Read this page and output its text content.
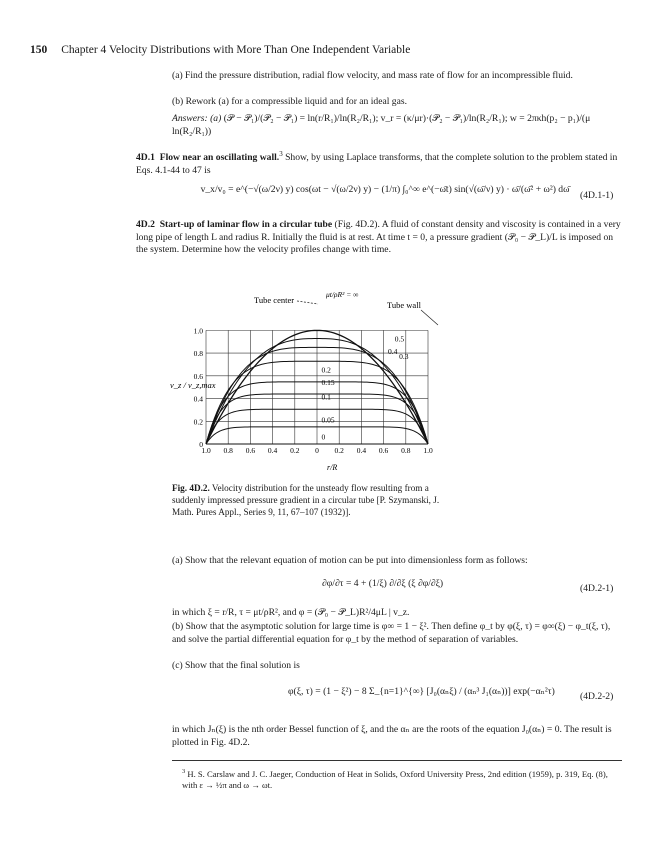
150 Chapter 4 Velocity Distributions with More Than One Independent Variable
(a) Find the pressure distribution, radial flow velocity, and mass rate of flow for an incompressible fluid.
(b) Rework (a) for a compressible liquid and for an ideal gas.
Answers: (a) (𝒫 − 𝒫₁)/(𝒫₂ − 𝒫₁) = ln(r/R₁)/ln(R₂/R₁); v_r = (κ/μr)·(𝒫₂ − 𝒫₁)/ln(R₂/R₁); w = 2πκh(p₂ − p₁)/(μ ln(R₂/R₁))
4D.1 Flow near an oscillating wall.$^3$ Show, by using Laplace transforms, that the complete solution to the problem stated in Eqs. 4.1-44 to 47 is
v_x/v₀ = e^(−√(ω/2ν) y) cos(ωt − √(ω/2ν) y) − (1/π) ∫₀^∞ e^(−ω̄t) sin(√(ω̄/ν) y) · ω̄/(ω̄² + ω²) dω̄
(4D.1-1)
4D.2 Start-up of laminar flow in a circular tube (Fig. 4D.2). A fluid of constant density and viscosity is contained in a very long pipe of length L and radius R. Initially the fluid is at rest. At time t = 0, a pressure gradient (𝒫₀ − 𝒫_L)/L is imposed on the system. Determine how the velocity profiles change with time.
0.5
0.4
0.3
0.2
0.15
0.1
0.05
0
1.0 0.8 0.6 0.4 0.2 0 0.2 0.4 0.6 0.8 1.0
0
0.2
0.4
0.6
0.8
1.0
Tube center
μt/ρR² = ∞
Tube wall
v_z / v_z,max
r/R
Fig. 4D.2. Velocity distribution for the unsteady flow resulting from a suddenly impressed pressure gradient in a circular tube [P. Szymanski, J. Math. Pures Appl., Series 9, 11, 67–107 (1932)].
(a) Show that the relevant equation of motion can be put into dimensionless form as follows:
∂φ/∂τ = 4 + (1/ξ) ∂/∂ξ (ξ ∂φ/∂ξ)	(4D.2-1)
in which ξ = r/R, τ = μt/ρR², and φ = (𝒫₀ − 𝒫_L)R²/4μL | v_z.
(b) Show that the asymptotic solution for large time is φ∞ = 1 − ξ². Then define φ_t by φ(ξ, τ) = φ∞(ξ) − φ_t(ξ, τ), and solve the partial differential equation for φ_t by the method of separation of variables.
(c) Show that the final solution is
φ(ξ, τ) = (1 − ξ²) − 8 Σ_{n=1}^{∞} [J₀(αₙξ) / (αₙ³ J₁(αₙ))] exp(−αₙ²τ)	(4D.2-2)
in which Jₙ(ξ) is the nth order Bessel function of ξ, and the αₙ are the roots of the equation J₀(αₙ) = 0. The result is plotted in Fig. 4D.2.
$^3$ H. S. Carslaw and J. C. Jaeger, Conduction of Heat in Solids, Oxford University Press, 2nd edition (1959), p. 319, Eq. (8), with ε → ½π and ω → ωt.
